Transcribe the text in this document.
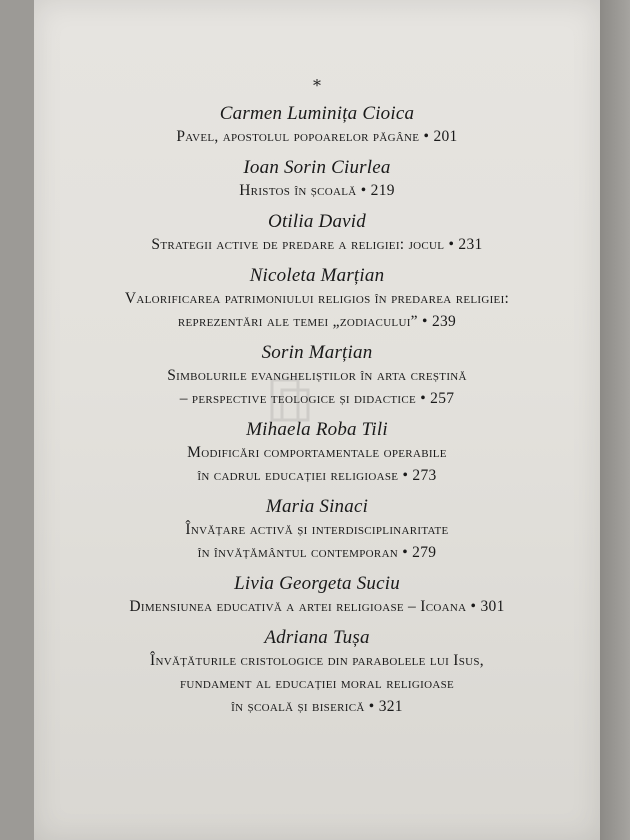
*
Carmen Luminița Cioica
Pavel, apostolul popoarelor păgâne • 201
Ioan Sorin Ciurlea
Hristos în școală • 219
Otilia David
Strategii active de predare a religiei: jocul • 231
Nicoleta Marțian
Valorificarea patrimoniului religios în predarea religiei:
reprezentări ale temei „zodiacului” • 239
Sorin Marțian
Simbolurile evangheliștilor în arta creștină
– perspective teologice și didactice • 257
Mihaela Roba Tili
Modificări comportamentale operabile
în cadrul educației religioase • 273
Maria Sinaci
Învățare activă și interdisciplinaritate
în învățământul contemporan • 279
Livia Georgeta Suciu
Dimensiunea educativă a artei religioase – Icoana • 301
Adriana Tușa
Învățăturile cristologice din parabolele lui Isus,
fundament al educației moral religioase
în școală și biserică • 321
